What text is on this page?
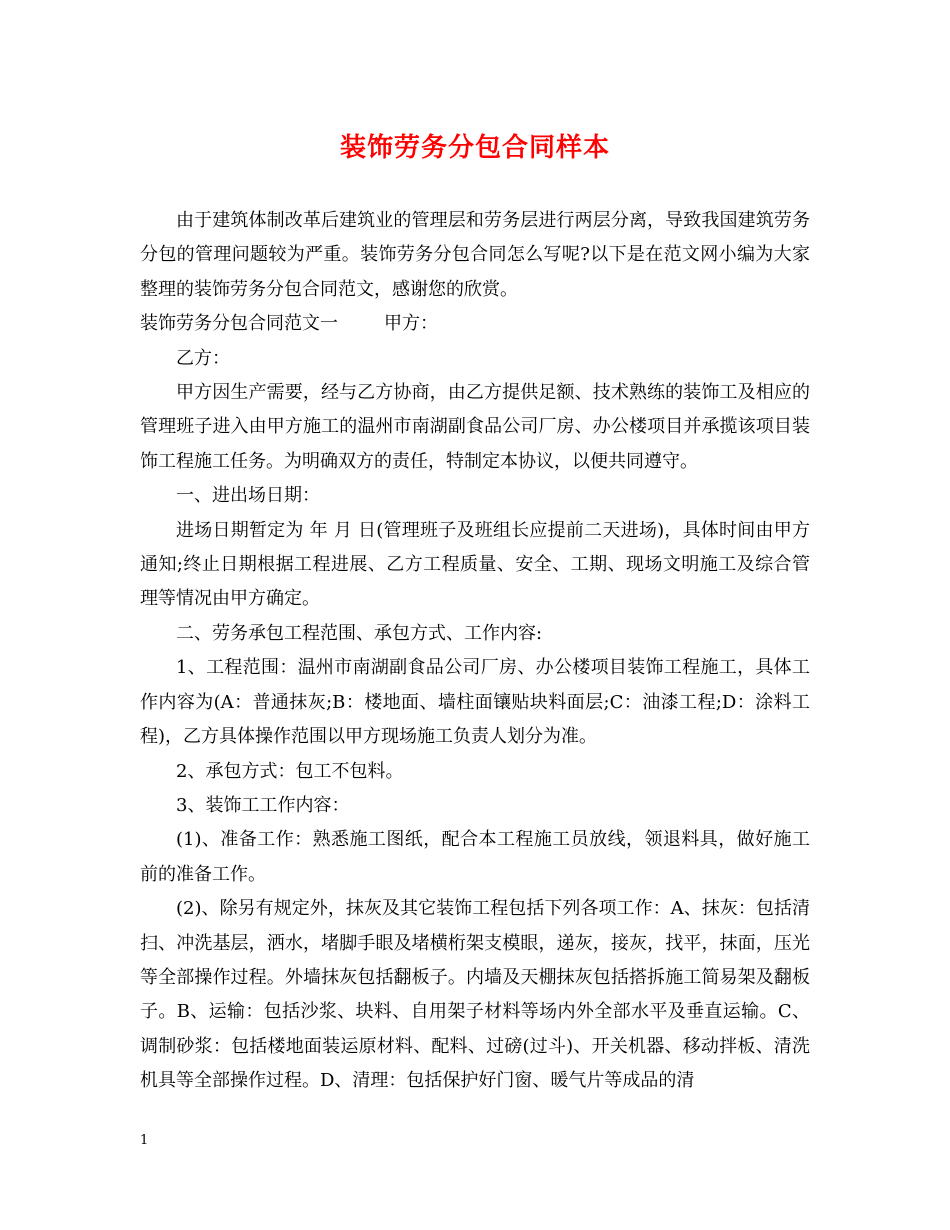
装饰劳务分包合同样本

由于建筑体制改革后建筑业的管理层和劳务层进行两层分离，导致我国建筑劳务分包的管理问题较为严重。装饰劳务分包合同怎么写呢?以下是在范文网小编为大家整理的装饰劳务分包合同范文，感谢您的欣赏。

装饰劳务分包合同范文一	甲方：

乙方：

甲方因生产需要，经与乙方协商，由乙方提供足额、技术熟练的装饰工及相应的管理班子进入由甲方施工的温州市南湖副食品公司厂房、办公楼项目并承揽该项目装饰工程施工任务。为明确双方的责任，特制定本协议，以便共同遵守。

一、进出场日期：

进场日期暂定为 年 月 日(管理班子及班组长应提前二天进场)，具体时间由甲方通知;终止日期根据工程进展、乙方工程质量、安全、工期、现场文明施工及综合管理等情况由甲方确定。

二、劳务承包工程范围、承包方式、工作内容:

1、工程范围：温州市南湖副食品公司厂房、办公楼项目装饰工程施工，具体工作内容为(A：普通抹灰;B：楼地面、墙柱面镶贴块料面层;C：油漆工程;D：涂料工程)，乙方具体操作范围以甲方现场施工负责人划分为准。

2、承包方式：包工不包料。

3、装饰工工作内容：

(1)、准备工作：熟悉施工图纸，配合本工程施工员放线，领退料具，做好施工前的准备工作。

(2)、除另有规定外，抹灰及其它装饰工程包括下列各项工作：A、抹灰：包括清扫、冲洗基层，洒水，堵脚手眼及堵横桁架支模眼，递灰，接灰，找平，抹面，压光等全部操作过程。外墙抹灰包括翻板子。内墙及天棚抹灰包括搭拆施工简易架及翻板子。B、运输：包括沙浆、块料、自用架子材料等场内外全部水平及垂直运输。C、调制砂浆：包括楼地面装运原材料、配料、过磅(过斗)、开关机器、移动拌板、清洗机具等全部操作过程。D、清理：包括保护好门窗、暖气片等成品的清

1
